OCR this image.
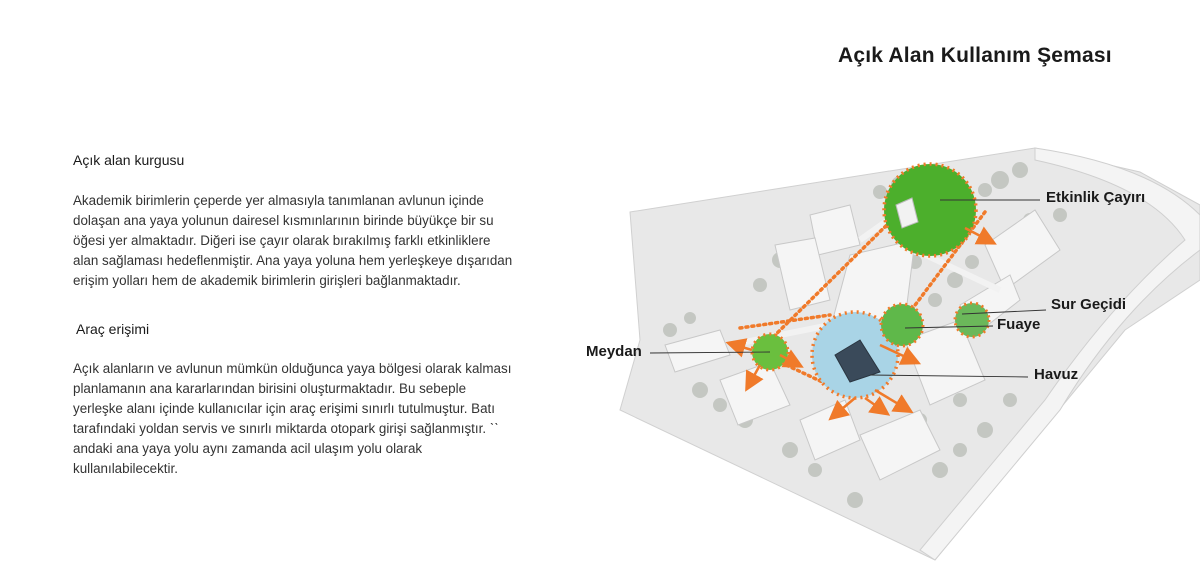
Açık Alan Kullanım Şeması
Açık alan kurgusu
Akademik birimlerin çeperde yer almasıyla tanımlanan avlunun içinde
dolaşan ana yaya yolunun dairesel kısmınlarının birinde büyükçe bir su
öğesi yer almaktadır. Diğeri ise çayır olarak bırakılmış farklı etkinliklere
alan sağlaması hedeflenmiştir. Ana yaya yoluna hem yerleşkeye dışarıdan
erişim yolları hem de akademik birimlerin girişleri bağlanmaktadır.
Araç erişimi
Açık alanların ve avlunun mümkün olduğunca yaya bölgesi olarak kalması
planlamanın ana kararlarından birisini oluşturmaktadır. Bu sebeple
yerleşke alanı içinde kullanıcılar için araç erişimi sınırlı tutulmuştur. Batı
tarafındaki yoldan servis ve sınırlı miktarda otopark girişi sağlanmıştır. ˋˋ
andaki ana yaya yolu aynı zamanda acil ulaşım yolu olarak
kullanılabilecektir.
Etkinlik Çayırı
Sur Geçidi
Fuaye
Meydan
Havuz
